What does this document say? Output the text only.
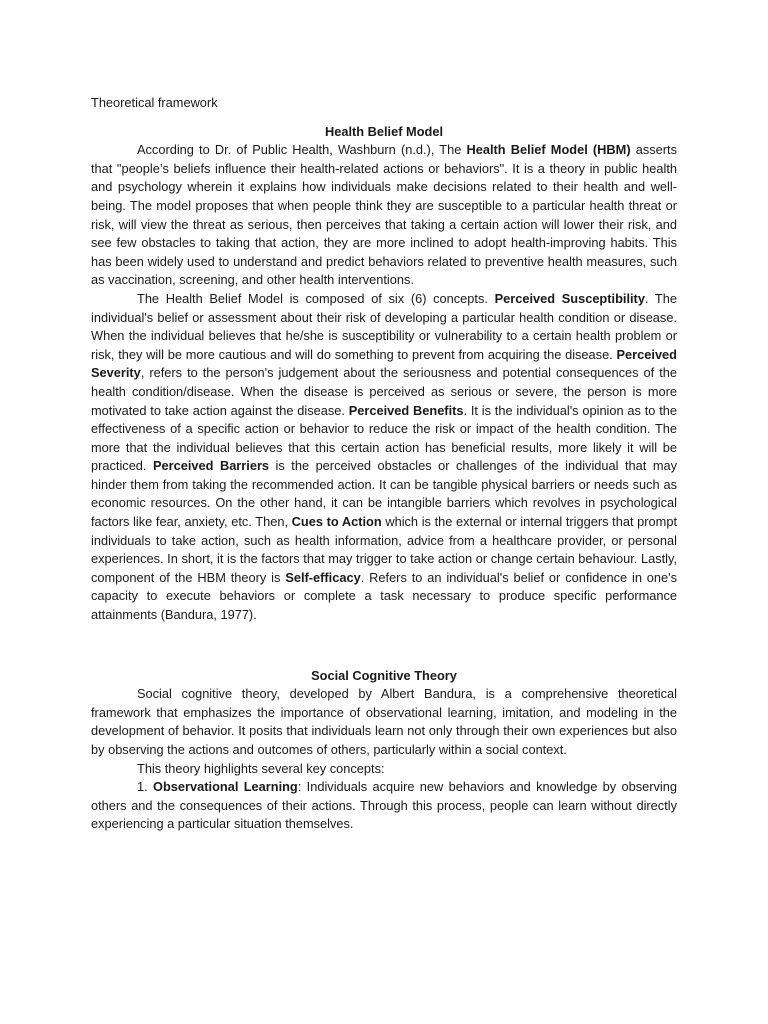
Theoretical framework
Health Belief Model

According to Dr. of Public Health, Washburn (n.d.), The Health Belief Model (HBM) asserts that "people’s beliefs influence their health-related actions or behaviors". It is a theory in public health and psychology wherein it explains how individuals make decisions related to their health and well-being. The model proposes that when people think they are susceptible to a particular health threat or risk, will view the threat as serious, then perceives that taking a certain action will lower their risk, and see few obstacles to taking that action, they are more inclined to adopt health-improving habits. This has been widely used to understand and predict behaviors related to preventive health measures, such as vaccination, screening, and other health interventions.

The Health Belief Model is composed of six (6) concepts. Perceived Susceptibility. The individual's belief or assessment about their risk of developing a particular health condition or disease. When the individual believes that he/she is susceptibility or vulnerability to a certain health problem or risk, they will be more cautious and will do something to prevent from acquiring the disease. Perceived Severity, refers to the person's judgement about the seriousness and potential consequences of the health condition/disease. When the disease is perceived as serious or severe, the person is more motivated to take action against the disease. Perceived Benefits. It is the individual's opinion as to the effectiveness of a specific action or behavior to reduce the risk or impact of the health condition. The more that the individual believes that this certain action has beneficial results, more likely it will be practiced. Perceived Barriers is the perceived obstacles or challenges of the individual that may hinder them from taking the recommended action. It can be tangible physical barriers or needs such as economic resources. On the other hand, it can be intangible barriers which revolves in psychological factors like fear, anxiety, etc. Then, Cues to Action which is the external or internal triggers that prompt individuals to take action, such as health information, advice from a healthcare provider, or personal experiences. In short, it is the factors that may trigger to take action or change certain behaviour. Lastly, component of the HBM theory is Self-efficacy. Refers to an individual's belief or confidence in one's capacity to execute behaviors or complete a task necessary to produce specific performance attainments (Bandura, 1977).

Social Cognitive Theory

Social cognitive theory, developed by Albert Bandura, is a comprehensive theoretical framework that emphasizes the importance of observational learning, imitation, and modeling in the development of behavior. It posits that individuals learn not only through their own experiences but also by observing the actions and outcomes of others, particularly within a social context.

This theory highlights several key concepts:

1. Observational Learning: Individuals acquire new behaviors and knowledge by observing others and the consequences of their actions. Through this process, people can learn without directly experiencing a particular situation themselves.
